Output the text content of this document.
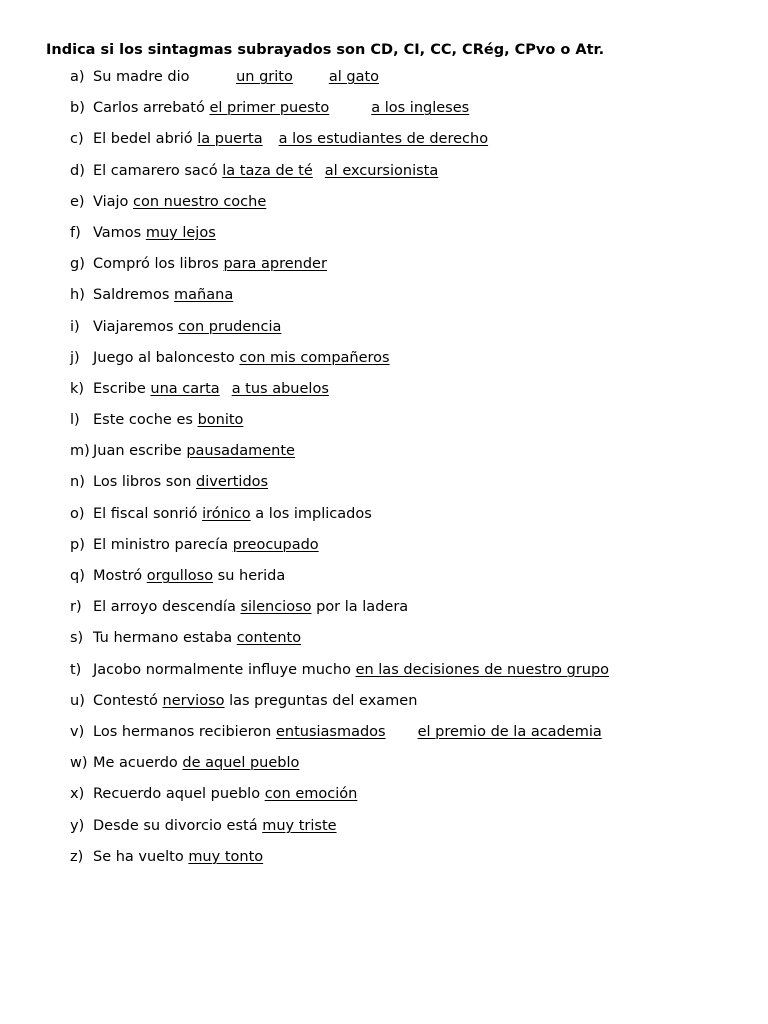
Indica si los sintagmas subrayados son CD, CI, CC, CRég, CPvo o Atr.
a) Su madre dio	un grito al gato
b) Carlos arrebató el primer puesto	a los ingleses
c) El bedel abrió la puerta a los estudiantes de derecho
d) El camarero sacó la taza de té al excursionista
e) Viajo con nuestro coche
f) Vamos muy lejos
g) Compró los libros para aprender
h) Saldremos mañana
i) Viajaremos con prudencia
j) Juego al baloncesto con mis compañeros
k) Escribe una carta a tus abuelos
l) Este coche es bonito
m) Juan escribe pausadamente
n) Los libros son divertidos
o) El fiscal sonrió irónico a los implicados
p) El ministro parecía preocupado
q) Mostró orgulloso su herida
r) El arroyo descendía silencioso por la ladera
s) Tu hermano estaba contento
t) Jacobo normalmente influye mucho en las decisiones de nuestro grupo
u) Contestó nervioso las preguntas del examen
v) Los hermanos recibieron entusiasmados el premio de la academia
w) Me acuerdo de aquel pueblo
x) Recuerdo aquel pueblo con emoción
y) Desde su divorcio está muy triste
z) Se ha vuelto muy tonto
